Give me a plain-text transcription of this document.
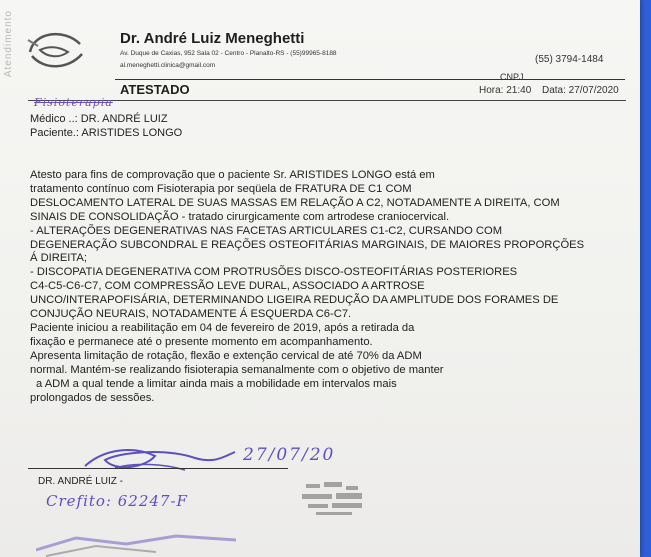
Atendimento	Dr. André Luiz Meneghetti
Av. Duque de Caxias, 952 Sala 02 - Centro - Planalto-RS - (55)99965-8188
al.meneghetti.clinica@gmail.com
(55) 3794-1484
CNPJ
ATESTADO	Hora: 21:40 Data: 27/07/2020
Fisioterapia
Médico ..: DR. ANDRÉ LUIZ
Paciente.: ARISTIDES LONGO
Atesto para fins de comprovação que o paciente Sr. ARISTIDES LONGO está em
tratamento contínuo com Fisioterapia por seqüela de FRATURA DE C1 COM
DESLOCAMENTO LATERAL DE SUAS MASSAS EM RELAÇÃO A C2, NOTADAMENTE A DIREITA, COM
SINAIS DE CONSOLIDAÇÃO - tratado cirurgicamente com artrodese craniocervical.
- ALTERAÇÕES DEGENERATIVAS NAS FACETAS ARTICULARES C1-C2, CURSANDO COM
DEGENERAÇÃO SUBCONDRAL E REAÇÕES OSTEOFITÁRIAS MARGINAIS, DE MAIORES PROPORÇÕES
Á DIREITA;
- DISCOPATIA DEGENERATIVA COM PROTRUSÕES DISCO-OSTEOFITÁRIAS POSTERIORES
C4-C5-C6-C7, COM COMPRESSÃO LEVE DURAL, ASSOCIADO A ARTROSE
UNCO/INTERAPOFISÁRIA, DETERMINANDO LIGEIRA REDUÇÃO DA AMPLITUDE DOS FORAMES DE
CONJUÇÃO NEURAIS, NOTADAMENTE Á ESQUERDA C6-C7.
Paciente iniciou a reabilitação em 04 de fevereiro de 2019, após a retirada da
fixação e permanece até o presente momento em acompanhamento.
Apresenta limitação de rotação, flexão e extenção cervical de até 70% da ADM
normal. Mantém-se realizando fisioterapia semanalmente com o objetivo de manter
a ADM a qual tende a limitar ainda mais a mobilidade em intervalos mais
prolongados de sessões.
27/07/20
DR. ANDRÉ LUIZ -
Crefito: 62247-F
